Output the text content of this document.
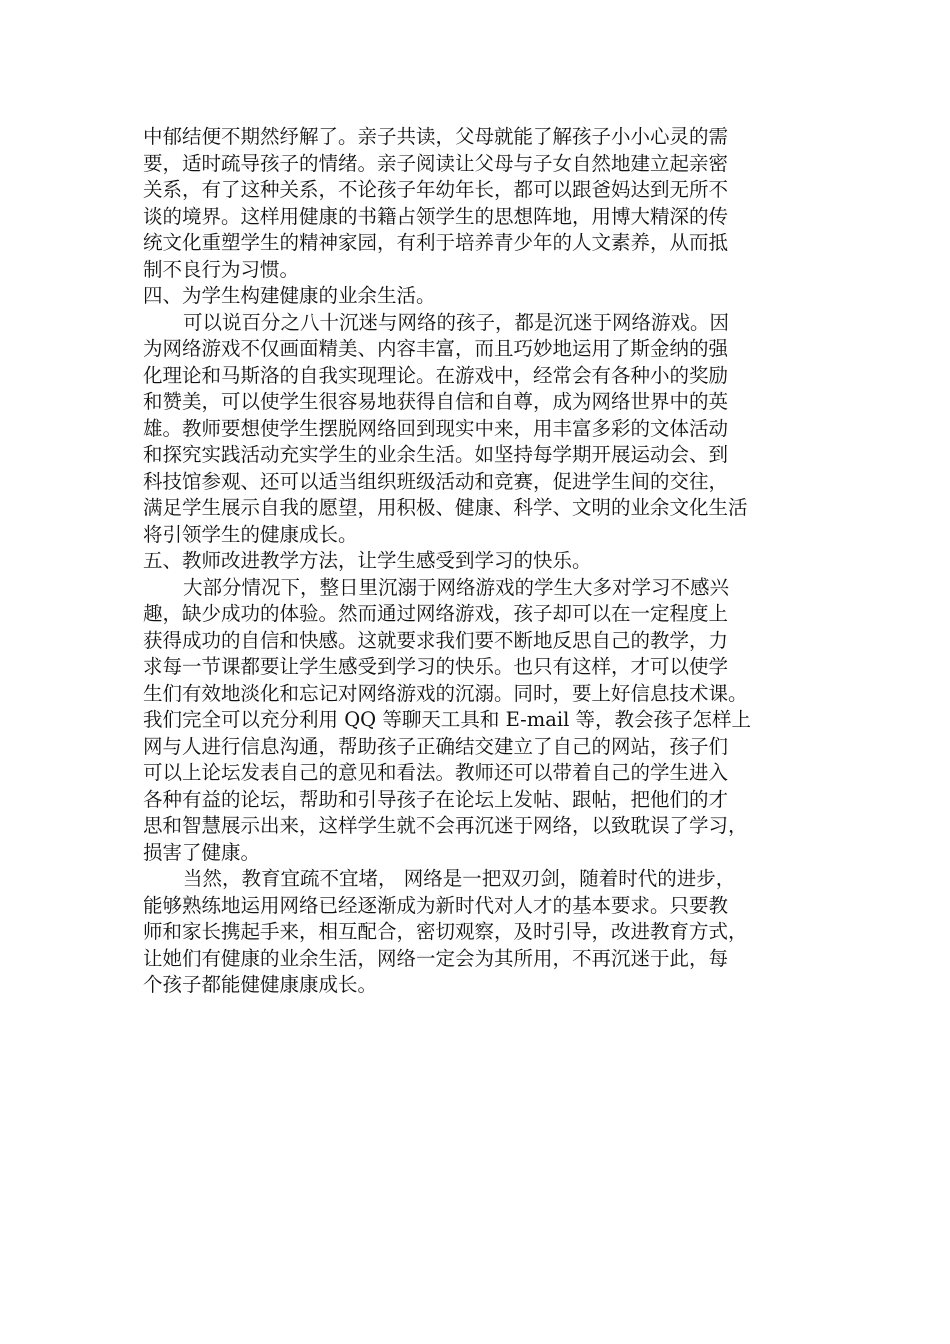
中郁结便不期然纾解了。亲子共读，父母就能了解孩子小小心灵的需
要，适时疏导孩子的情绪。亲子阅读让父母与子女自然地建立起亲密
关系，有了这种关系，不论孩子年幼年长，都可以跟爸妈达到无所不
谈的境界。这样用健康的书籍占领学生的思想阵地，用博大精深的传
统文化重塑学生的精神家园，有利于培养青少年的人文素养，从而抵
制不良行为习惯。
四、为学生构建健康的业余生活。
可以说百分之八十沉迷与网络的孩子，都是沉迷于网络游戏。因
为网络游戏不仅画面精美、内容丰富，而且巧妙地运用了斯金纳的强
化理论和马斯洛的自我实现理论。在游戏中，经常会有各种小的奖励
和赞美，可以使学生很容易地获得自信和自尊，成为网络世界中的英
雄。教师要想使学生摆脱网络回到现实中来，用丰富多彩的文体活动
和探究实践活动充实学生的业余生活。如坚持每学期开展运动会、到
科技馆参观、还可以适当组织班级活动和竞赛，促进学生间的交往，
满足学生展示自我的愿望，用积极、健康、科学、文明的业余文化生活
将引领学生的健康成长。
五、教师改进教学方法，让学生感受到学习的快乐。
大部分情况下，整日里沉溺于网络游戏的学生大多对学习不感兴
趣，缺少成功的体验。然而通过网络游戏，孩子却可以在一定程度上
获得成功的自信和快感。这就要求我们要不断地反思自己的教学，力
求每一节课都要让学生感受到学习的快乐。也只有这样，才可以使学
生们有效地淡化和忘记对网络游戏的沉溺。同时，要上好信息技术课。
我们完全可以充分利用 QQ 等聊天工具和 E-mail 等，教会孩子怎样上
网与人进行信息沟通，帮助孩子正确结交建立了自己的网站，孩子们
可以上论坛发表自己的意见和看法。教师还可以带着自己的学生进入
各种有益的论坛，帮助和引导孩子在论坛上发帖、跟帖，把他们的才
思和智慧展示出来，这样学生就不会再沉迷于网络，以致耽误了学习，
损害了健康。
当然，教育宜疏不宜堵， 网络是一把双刃剑，随着时代的进步，
能够熟练地运用网络已经逐渐成为新时代对人才的基本要求。只要教
师和家长携起手来，相互配合，密切观察，及时引导，改进教育方式，
让她们有健康的业余生活，网络一定会为其所用，不再沉迷于此，每
个孩子都能健健康康成长。
